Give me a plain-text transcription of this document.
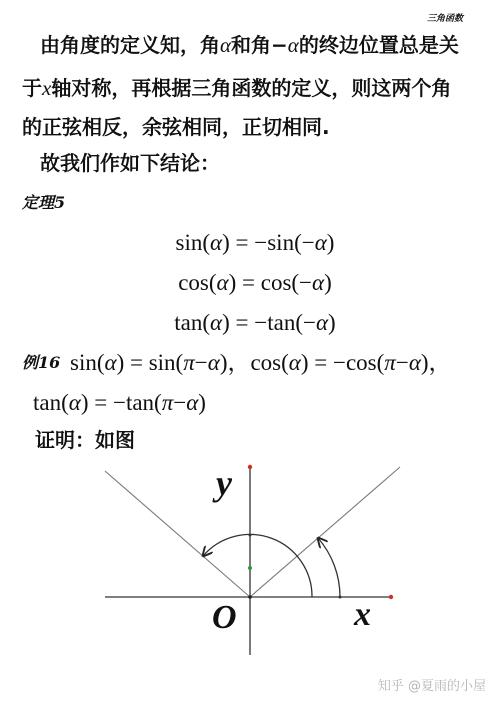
三角函数
由角度的定义知，角α和角−α的终边位置总是关
于x轴对称，再根据三角函数的定义，则这两个角
的正弦相反，余弦相同，正切相同.
故我们作如下结论：
定理5
sin(α) = −sin(−α)
cos(α) = cos(−α)
tan(α) = −tan(−α)
例16 sin(α) = sin(π−α)，cos(α) = −cos(π−α)，
tan(α) = −tan(π−α)
证明：如图
y
O	x
知乎 @夏雨的小屋
